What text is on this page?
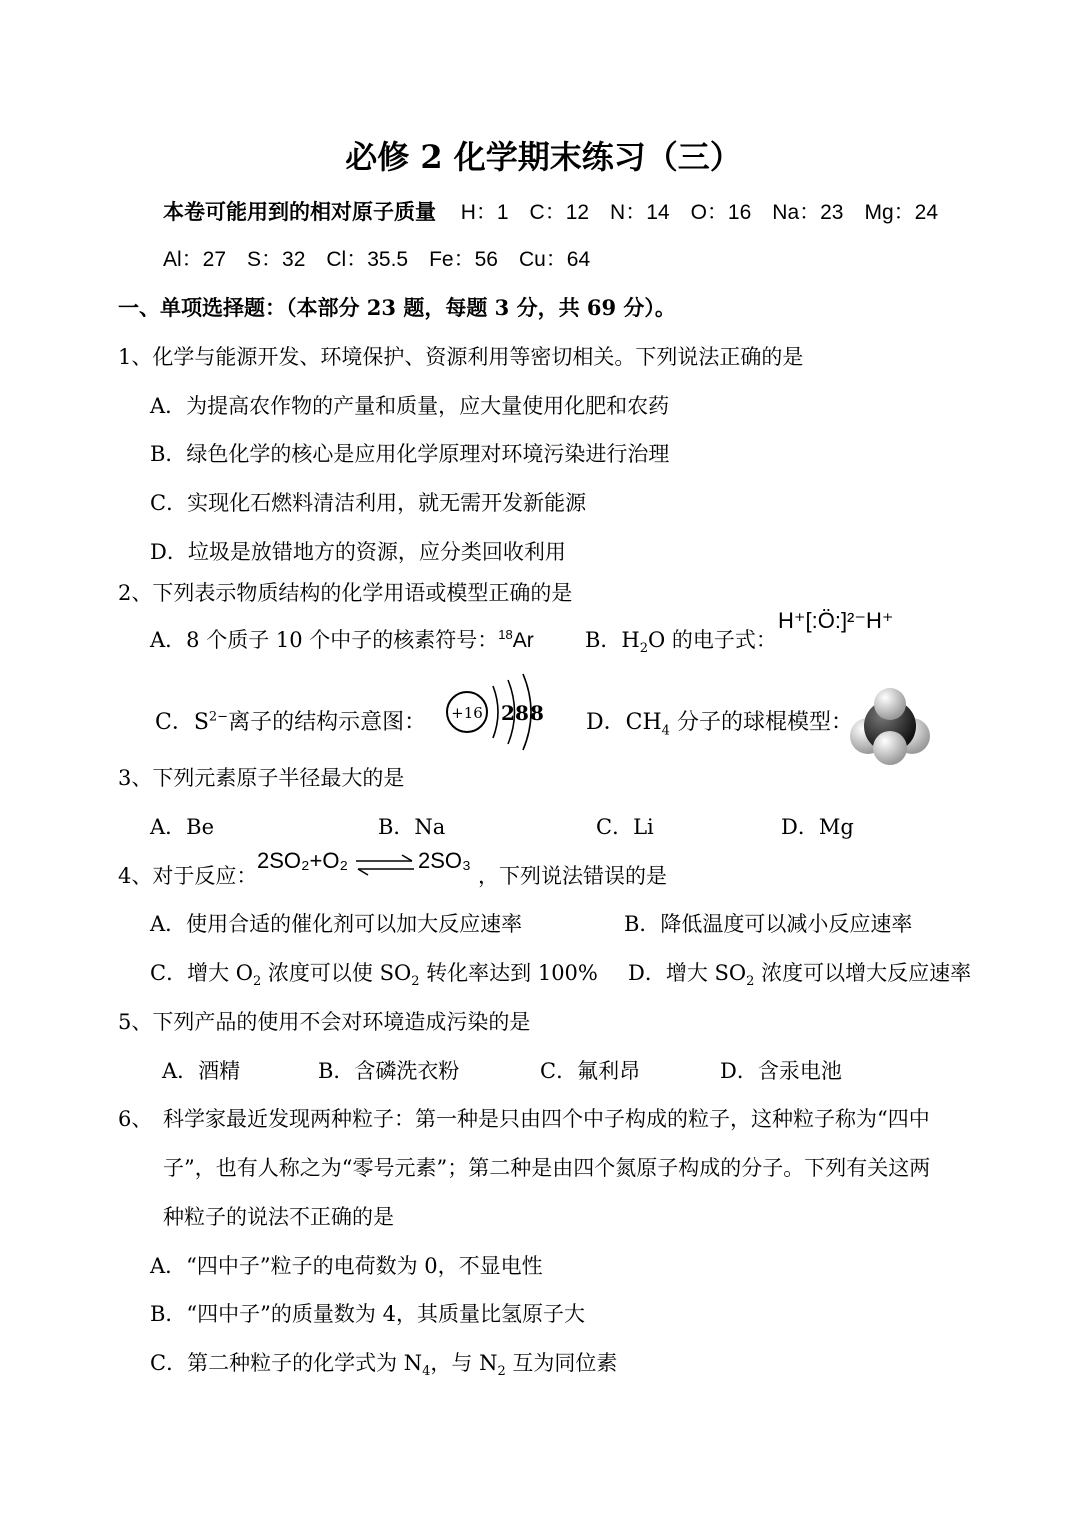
必修 2 化学期末练习（三）
本卷可能用到的相对原子质量 H：1　C：12　N：14　O：16　Na：23　Mg：24
Al：27　S：32　Cl：35.5　Fe：56　Cu：64
一、单项选择题：（本部分 23 题，每题 3 分，共 69 分）。
1、化学与能源开发、环境保护、资源利用等密切相关。下列说法正确的是
A．为提高农作物的产量和质量，应大量使用化肥和农药
B．绿色化学的核心是应用化学原理对环境污染进行治理
C．实现化石燃料清洁利用，就无需开发新能源
D．垃圾是放错地方的资源，应分类回收利用
2、下列表示物质结构的化学用语或模型正确的是
A．8 个质子 10 个中子的核素符号：$^{18}$Ar B．$H_2O$ 的电子式：
H⁺[:Ö:]²⁻H⁺
C．$S^{2-}$离子的结构示意图： +16 2 8 8 D．$CH_4$ 分子的球棍模型：
3、下列元素原子半径最大的是
A．Be	B．Na	C．Li	D．Mg
4、对于反应：
2SO₂+O₂ ⇌ 2SO₃
，下列说法错误的是
A．使用合适的催化剂可以加大反应速率	B．降低温度可以减小反应速率
C．增大 $O_2$ 浓度可以使 $SO_2$ 转化率达到 100% D．增大 $SO_2$ 浓度可以增大反应速率
5、下列产品的使用不会对环境造成污染的是
A．酒精	B．含磷洗衣粉	C．氟利昂	D．含汞电池
6、 科学家最近发现两种粒子：第一种是只由四个中子构成的粒子，这种粒子称为“四中
子”，也有人称之为“零号元素”；第二种是由四个氮原子构成的分子。下列有关这两
种粒子的说法不正确的是
A．“四中子”粒子的电荷数为 0，不显电性
B．“四中子”的质量数为 4，其质量比氢原子大
C．第二种粒子的化学式为 $N_4$，与 $N_2$ 互为同位素
